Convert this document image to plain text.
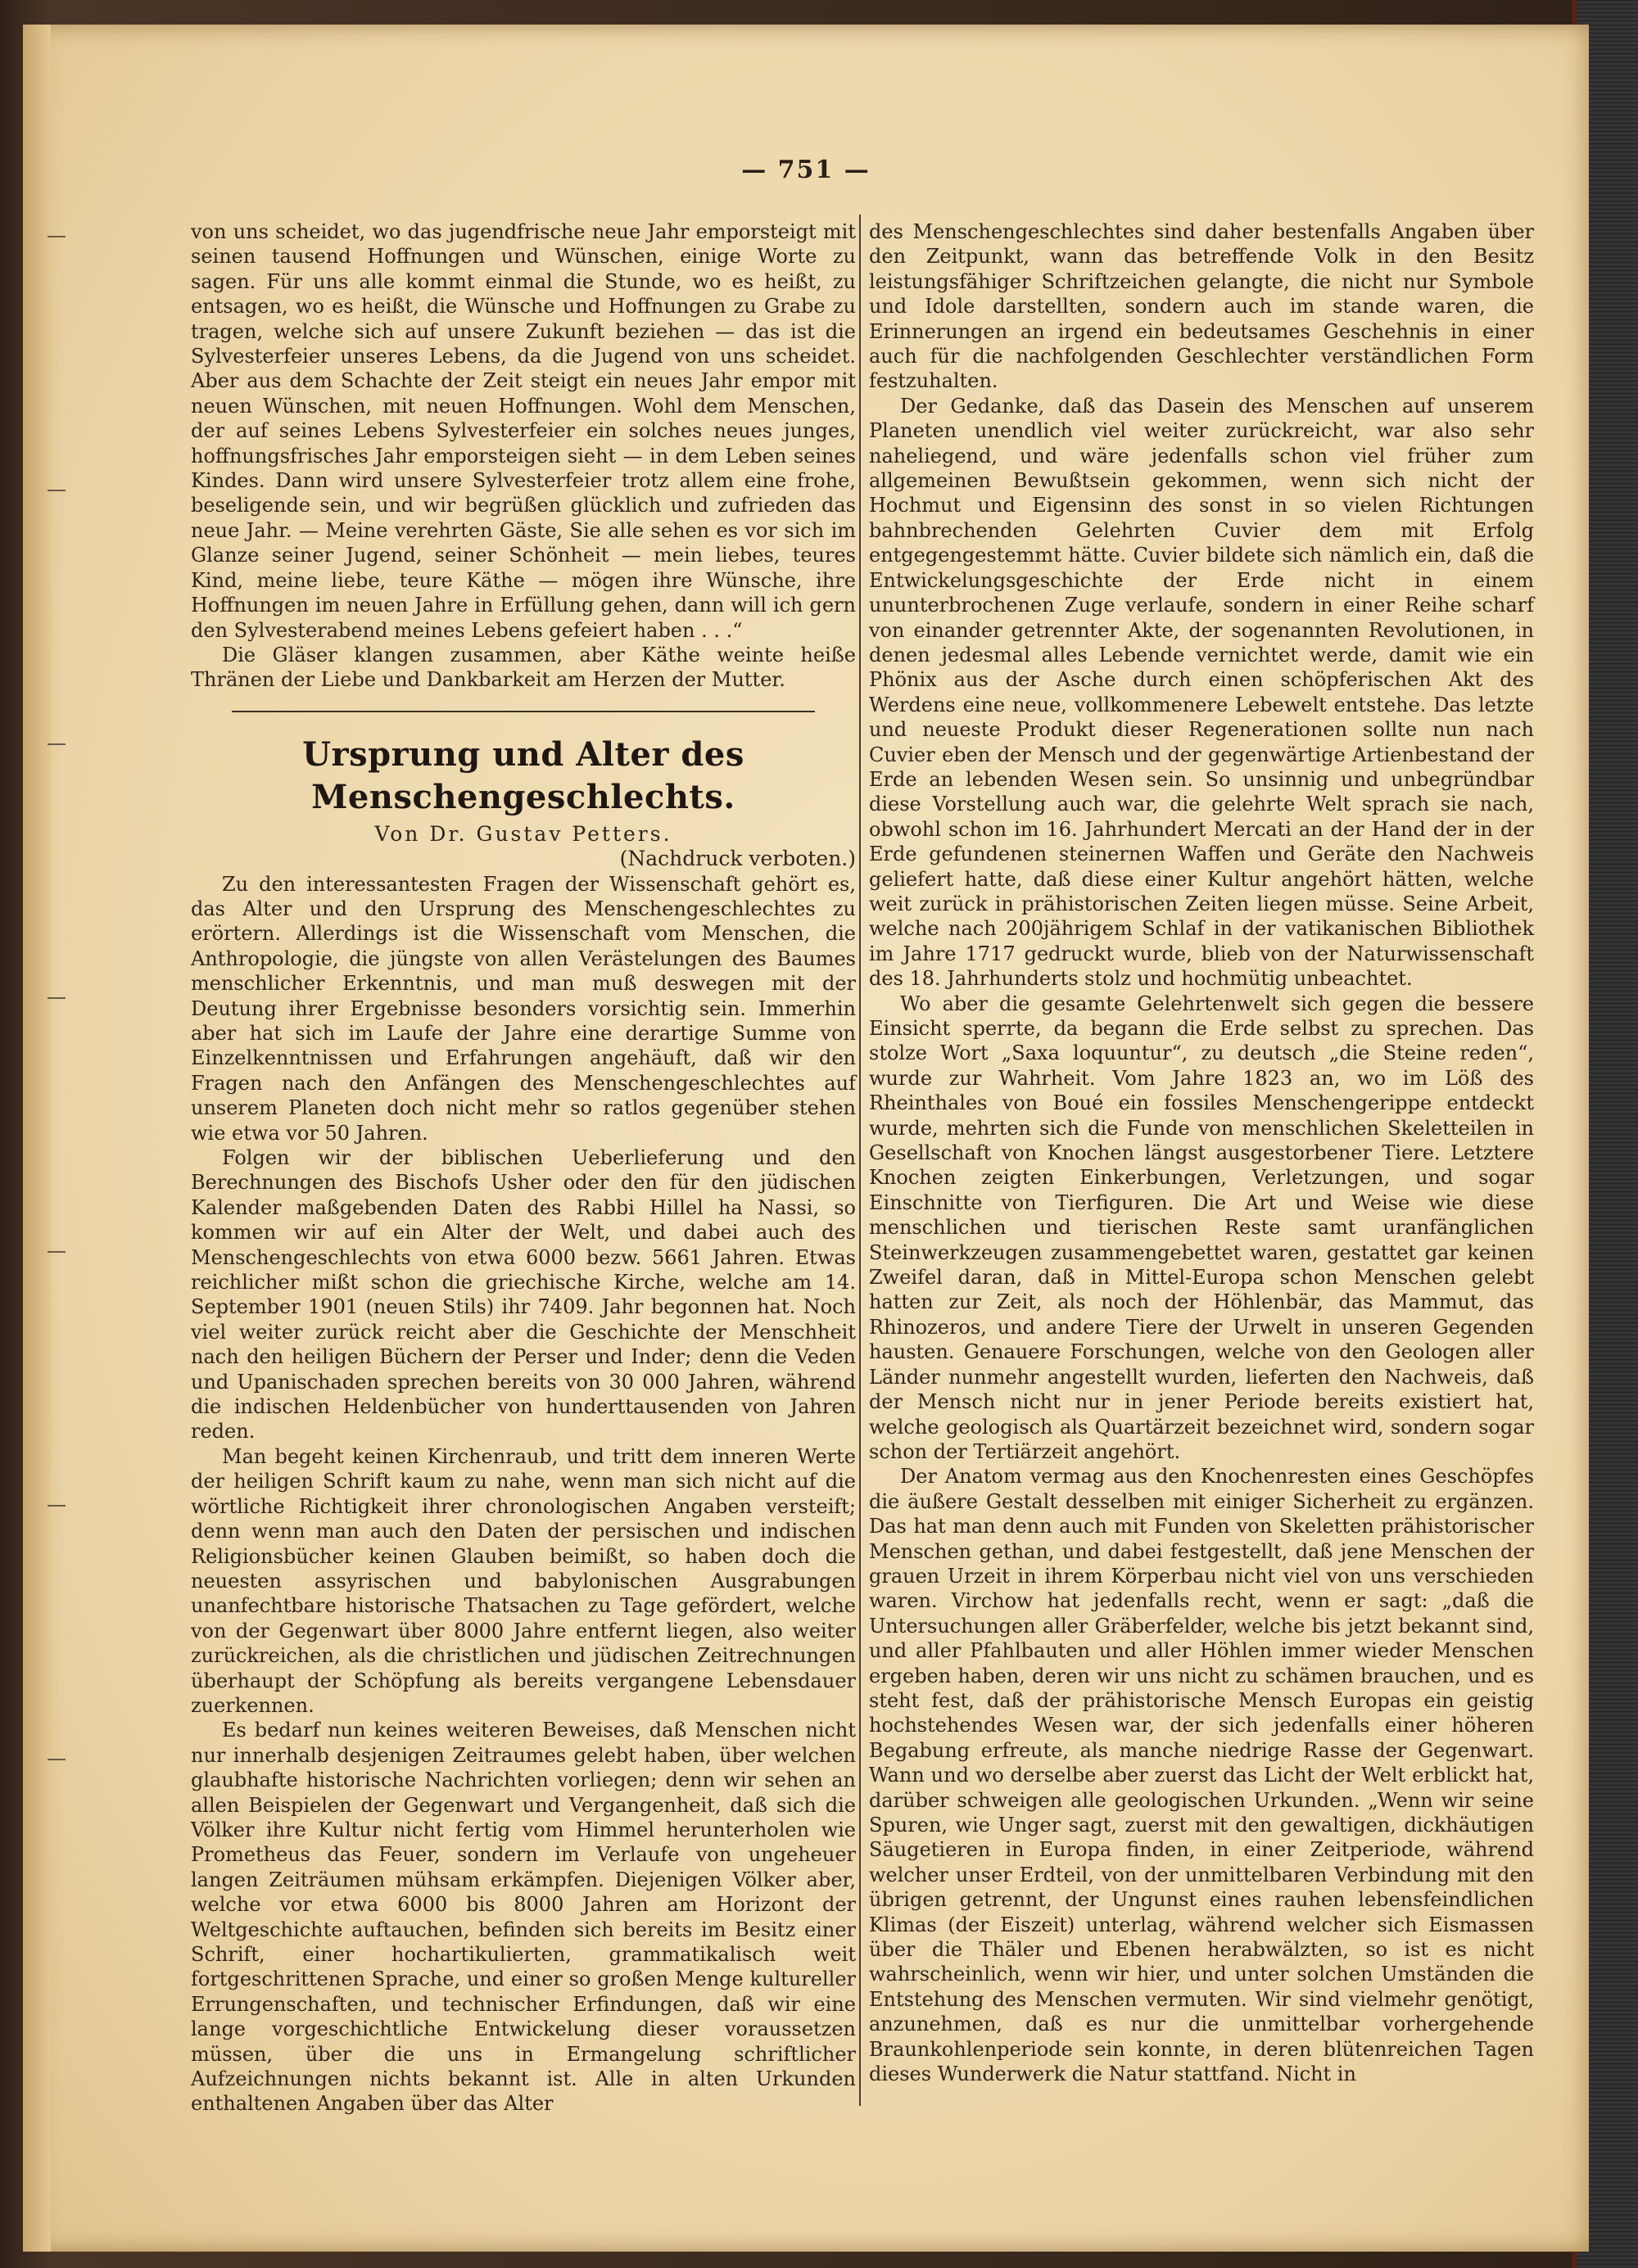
— 751 —

von uns scheidet, wo das jugendfrische neue Jahr emporsteigt mit seinen tausend Hoffnungen und Wünschen, einige Worte zu sagen. Für uns alle kommt einmal die Stunde, wo es heißt, zu entsagen, wo es heißt, die Wünsche und Hoffnungen zu Grabe zu tragen, welche sich auf unsere Zukunft beziehen — das ist die Sylvesterfeier unseres Lebens, da die Jugend von uns scheidet. Aber aus dem Schachte der Zeit steigt ein neues Jahr empor mit neuen Wünschen, mit neuen Hoffnungen. Wohl dem Menschen, der auf seines Lebens Sylvesterfeier ein solches neues junges, hoffnungsfrisches Jahr emporsteigen sieht — in dem Leben seines Kindes. Dann wird unsere Sylvesterfeier trotz allem eine frohe, beseligende sein, und wir begrüßen glücklich und zufrieden das neue Jahr. — Meine verehrten Gäste, Sie alle sehen es vor sich im Glanze seiner Jugend, seiner Schönheit — mein liebes, teures Kind, meine liebe, teure Käthe — mögen ihre Wünsche, ihre Hoffnungen im neuen Jahre in Erfüllung gehen, dann will ich gern den Sylvesterabend meines Lebens gefeiert haben . . .“

Die Gläser klangen zusammen, aber Käthe weinte heiße Thränen der Liebe und Dankbarkeit am Herzen der Mutter.

Ursprung und Alter des Menschengeschlechts.

Von Dr. Gustav Petters.

(Nachdruck verboten.)

Zu den interessantesten Fragen der Wissenschaft gehört es, das Alter und den Ursprung des Menschengeschlechtes zu erörtern. Allerdings ist die Wissenschaft vom Menschen, die Anthropologie, die jüngste von allen Verästelungen des Baumes menschlicher Erkenntnis, und man muß deswegen mit der Deutung ihrer Ergebnisse besonders vorsichtig sein. Immerhin aber hat sich im Laufe der Jahre eine derartige Summe von Einzelkenntnissen und Erfahrungen angehäuft, daß wir den Fragen nach den Anfängen des Menschengeschlechtes auf unserem Planeten doch nicht mehr so ratlos gegenüber stehen wie etwa vor 50 Jahren.

Folgen wir der biblischen Ueberlieferung und den Berechnungen des Bischofs Usher oder den für den jüdischen Kalender maßgebenden Daten des Rabbi Hillel ha Nassi, so kommen wir auf ein Alter der Welt, und dabei auch des Menschengeschlechts von etwa 6000 bezw. 5661 Jahren. Etwas reichlicher mißt schon die griechische Kirche, welche am 14. September 1901 (neuen Stils) ihr 7409. Jahr begonnen hat. Noch viel weiter zurück reicht aber die Geschichte der Menschheit nach den heiligen Büchern der Perser und Inder; denn die Veden und Upanischaden sprechen bereits von 30 000 Jahren, während die indischen Heldenbücher von hunderttausenden von Jahren reden.

Man begeht keinen Kirchenraub, und tritt dem inneren Werte der heiligen Schrift kaum zu nahe, wenn man sich nicht auf die wörtliche Richtigkeit ihrer chronologischen Angaben versteift; denn wenn man auch den Daten der persischen und indischen Religionsbücher keinen Glauben beimißt, so haben doch die neuesten assyrischen und babylonischen Ausgrabungen unanfechtbare historische Thatsachen zu Tage gefördert, welche von der Gegenwart über 8000 Jahre entfernt liegen, also weiter zurückreichen, als die christlichen und jüdischen Zeitrechnungen überhaupt der Schöpfung als bereits vergangene Lebensdauer zuerkennen.

Es bedarf nun keines weiteren Beweises, daß Menschen nicht nur innerhalb desjenigen Zeitraumes gelebt haben, über welchen glaubhafte historische Nachrichten vorliegen; denn wir sehen an allen Beispielen der Gegenwart und Vergangenheit, daß sich die Völker ihre Kultur nicht fertig vom Himmel herunterholen wie Prometheus das Feuer, sondern im Verlaufe von ungeheuer langen Zeiträumen mühsam erkämpfen. Diejenigen Völker aber, welche vor etwa 6000 bis 8000 Jahren am Horizont der Weltgeschichte auftauchen, befinden sich bereits im Besitz einer Schrift, einer hochartikulierten, grammatikalisch weit fortgeschrittenen Sprache, und einer so großen Menge kultureller Errungenschaften, und technischer Erfindungen, daß wir eine lange vorgeschichtliche Entwickelung dieser voraussetzen müssen, über die uns in Ermangelung schriftlicher Aufzeichnungen nichts bekannt ist. Alle in alten Urkunden enthaltenen Angaben über das Alter

des Menschengeschlechtes sind daher bestenfalls Angaben über den Zeitpunkt, wann das betreffende Volk in den Besitz leistungsfähiger Schriftzeichen gelangte, die nicht nur Symbole und Idole darstellten, sondern auch im stande waren, die Erinnerungen an irgend ein bedeutsames Geschehnis in einer auch für die nachfolgenden Geschlechter verständlichen Form festzuhalten.

Der Gedanke, daß das Dasein des Menschen auf unserem Planeten unendlich viel weiter zurückreicht, war also sehr naheliegend, und wäre jedenfalls schon viel früher zum allgemeinen Bewußtsein gekommen, wenn sich nicht der Hochmut und Eigensinn des sonst in so vielen Richtungen bahnbrechenden Gelehrten Cuvier dem mit Erfolg entgegengestemmt hätte. Cuvier bildete sich nämlich ein, daß die Entwickelungsgeschichte der Erde nicht in einem ununterbrochenen Zuge verlaufe, sondern in einer Reihe scharf von einander getrennter Akte, der sogenannten Revolutionen, in denen jedesmal alles Lebende vernichtet werde, damit wie ein Phönix aus der Asche durch einen schöpferischen Akt des Werdens eine neue, vollkommenere Lebewelt entstehe. Das letzte und neueste Produkt dieser Regenerationen sollte nun nach Cuvier eben der Mensch und der gegenwärtige Artienbestand der Erde an lebenden Wesen sein. So unsinnig und unbegründbar diese Vorstellung auch war, die gelehrte Welt sprach sie nach, obwohl schon im 16. Jahrhundert Mercati an der Hand der in der Erde gefundenen steinernen Waffen und Geräte den Nachweis geliefert hatte, daß diese einer Kultur angehört hätten, welche weit zurück in prähistorischen Zeiten liegen müsse. Seine Arbeit, welche nach 200jährigem Schlaf in der vatikanischen Bibliothek im Jahre 1717 gedruckt wurde, blieb von der Naturwissenschaft des 18. Jahrhunderts stolz und hochmütig unbeachtet.

Wo aber die gesamte Gelehrtenwelt sich gegen die bessere Einsicht sperrte, da begann die Erde selbst zu sprechen. Das stolze Wort „Saxa loquuntur“, zu deutsch „die Steine reden“, wurde zur Wahrheit. Vom Jahre 1823 an, wo im Löß des Rheinthales von Boué ein fossiles Menschengerippe entdeckt wurde, mehrten sich die Funde von menschlichen Skeletteilen in Gesellschaft von Knochen längst ausgestorbener Tiere. Letztere Knochen zeigten Einkerbungen, Verletzungen, und sogar Einschnitte von Tierfiguren. Die Art und Weise wie diese menschlichen und tierischen Reste samt uranfänglichen Steinwerkzeugen zusammengebettet waren, gestattet gar keinen Zweifel daran, daß in Mittel-Europa schon Menschen gelebt hatten zur Zeit, als noch der Höhlenbär, das Mammut, das Rhinozeros, und andere Tiere der Urwelt in unseren Gegenden hausten. Genauere Forschungen, welche von den Geologen aller Länder nunmehr angestellt wurden, lieferten den Nachweis, daß der Mensch nicht nur in jener Periode bereits existiert hat, welche geologisch als Quartärzeit bezeichnet wird, sondern sogar schon der Tertiärzeit angehört.

Der Anatom vermag aus den Knochenresten eines Geschöpfes die äußere Gestalt desselben mit einiger Sicherheit zu ergänzen. Das hat man denn auch mit Funden von Skeletten prähistorischer Menschen gethan, und dabei festgestellt, daß jene Menschen der grauen Urzeit in ihrem Körperbau nicht viel von uns verschieden waren. Virchow hat jedenfalls recht, wenn er sagt: „daß die Untersuchungen aller Gräberfelder, welche bis jetzt bekannt sind, und aller Pfahlbauten und aller Höhlen immer wieder Menschen ergeben haben, deren wir uns nicht zu schämen brauchen, und es steht fest, daß der prähistorische Mensch Europas ein geistig hochstehendes Wesen war, der sich jedenfalls einer höheren Begabung erfreute, als manche niedrige Rasse der Gegenwart. Wann und wo derselbe aber zuerst das Licht der Welt erblickt hat, darüber schweigen alle geologischen Urkunden. „Wenn wir seine Spuren, wie Unger sagt, zuerst mit den gewaltigen, dickhäutigen Säugetieren in Europa finden, in einer Zeitperiode, während welcher unser Erdteil, von der unmittelbaren Verbindung mit den übrigen getrennt, der Ungunst eines rauhen lebensfeindlichen Klimas (der Eiszeit) unterlag, während welcher sich Eismassen über die Thäler und Ebenen herabwälzten, so ist es nicht wahrscheinlich, wenn wir hier, und unter solchen Umständen die Entstehung des Menschen vermuten. Wir sind vielmehr genötigt, anzunehmen, daß es nur die unmittelbar vorhergehende Braunkohlenperiode sein konnte, in deren blütenreichen Tagen dieses Wunderwerk die Natur stattfand. Nicht in
